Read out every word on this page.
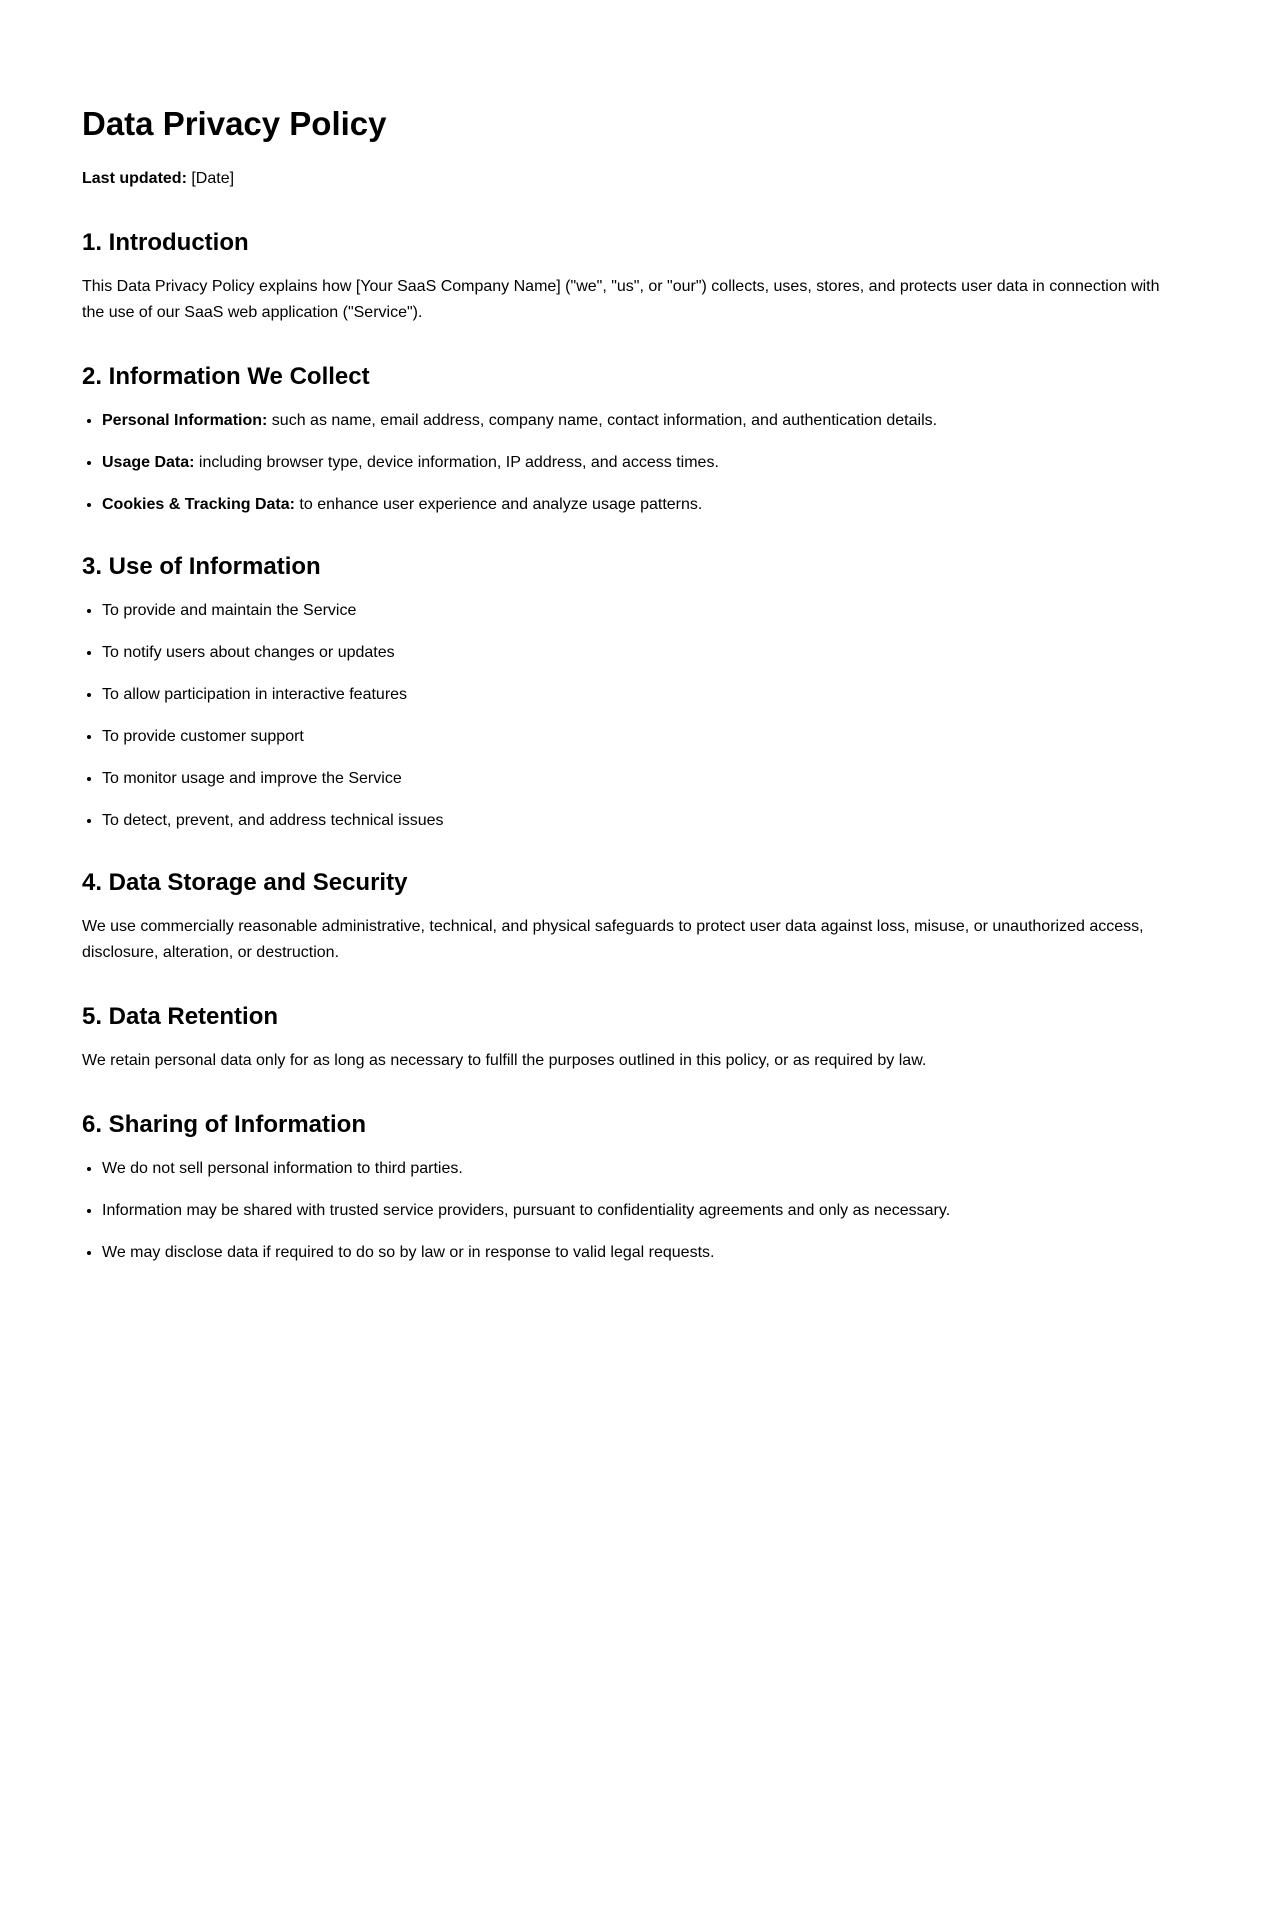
Data Privacy Policy

Last updated: [Date]

1. Introduction

This Data Privacy Policy explains how [Your SaaS Company Name] ("we", "us", or "our") collects, uses, stores, and protects user data in connection with the use of our SaaS web application ("Service").

2. Information We Collect
• Personal Information: such as name, email address, company name, contact information, and authentication details.
• Usage Data: including browser type, device information, IP address, and access times.
• Cookies & Tracking Data: to enhance user experience and analyze usage patterns.
3. Use of Information
• To provide and maintain the Service
• To notify users about changes or updates
• To allow participation in interactive features
• To provide customer support
• To monitor usage and improve the Service
• To detect, prevent, and address technical issues
4. Data Storage and Security

We use commercially reasonable administrative, technical, and physical safeguards to protect user data against loss, misuse, or unauthorized access, disclosure, alteration, or destruction.

5. Data Retention

We retain personal data only for as long as necessary to fulfill the purposes outlined in this policy, or as required by law.

6. Sharing of Information
• We do not sell personal information to third parties.
• Information may be shared with trusted service providers, pursuant to confidentiality agreements and only as necessary.
• We may disclose data if required to do so by law or in response to valid legal requests.
